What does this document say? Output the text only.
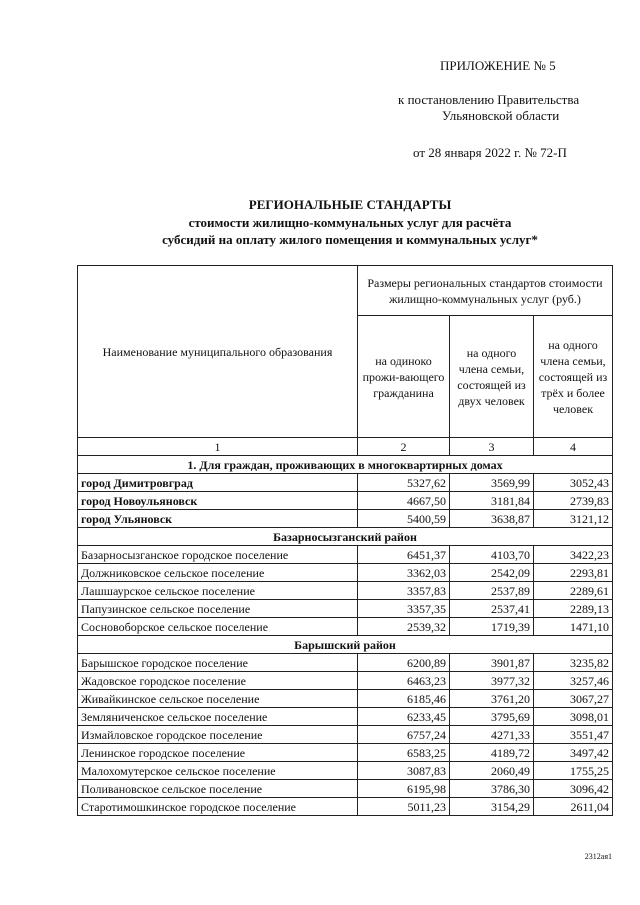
ПРИЛОЖЕНИЕ № 5
к постановлению Правительства
Ульяновской области
от 28 января 2022 г. № 72-П
РЕГИОНАЛЬНЫЕ СТАНДАРТЫ
стоимости жилищно-коммунальных услуг для расчёта
субсидий на оплату жилого помещения и коммунальных услуг*
Наименование муниципального образования	Размеры региональных стандартов стоимости жилищно-коммунальных услуг (руб.)		
	на одиноко прожи-вающего гражданина	на одного члена семьи, состоящей из двух человек	на одного члена семьи, состоящей из трёх и более человек
1	2	3	4
1. Для граждан, проживающих в многоквартирных домах			
город Димитровград	5327,62	3569,99	3052,43
город Новоульяновск	4667,50	3181,84	2739,83
город Ульяновск	5400,59	3638,87	3121,12
Базарносызганский район			
Базарносызганское городское поселение	6451,37	4103,70	3422,23
Должниковское сельское поселение	3362,03	2542,09	2293,81
Лашшаурское сельское поселение	3357,83	2537,89	2289,61
Папузинское сельское поселение	3357,35	2537,41	2289,13
Сосновоборское сельское поселение	2539,32	1719,39	1471,10
Барышский район			
Барышское городское поселение	6200,89	3901,87	3235,82
Жадовское городское поселение	6463,23	3977,32	3257,46
Живайкинское сельское поселение	6185,46	3761,20	3067,27
Земляниченское сельское поселение	6233,45	3795,69	3098,01
Измайловское городское поселение	6757,24	4271,33	3551,47
Ленинское городское поселение	6583,25	4189,72	3497,42
Малохомутерское сельское поселение	3087,83	2060,49	1755,25
Поливановское сельское поселение	6195,98	3786,30	3096,42
Старотимошкинское городское поселение	5011,23	3154,29	2611,04
2312ая1
